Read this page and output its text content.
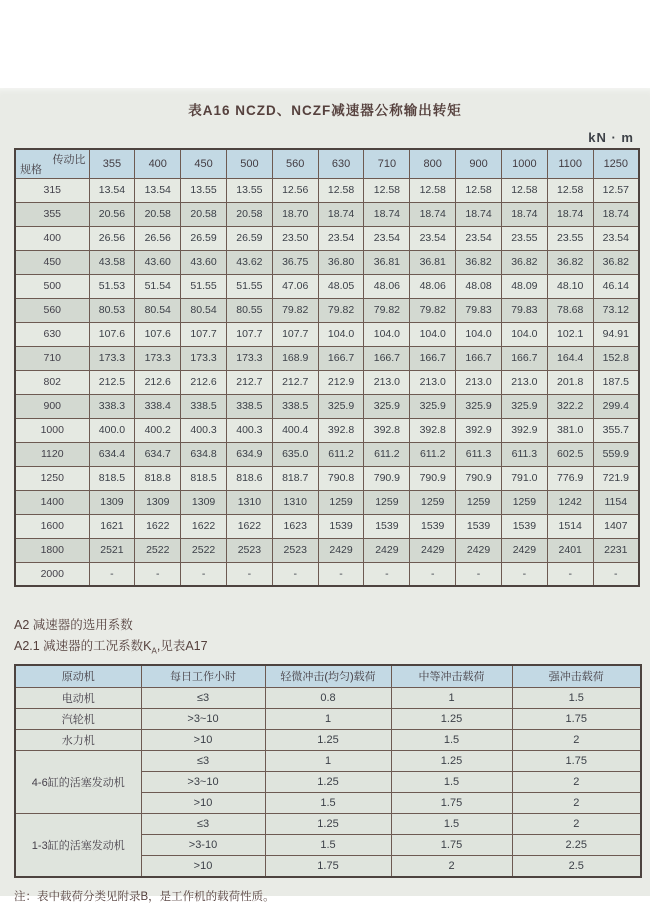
表A16 NCZD、NCZF减速器公称输出转矩
kN · m
传动比
规格	355	400	450	500	560	630	710	800	900	1000	1100	1250
315	13.54	13.54	13.55	13.55	12.56	12.58	12.58	12.58	12.58	12.58	12.58	12.57
355	20.56	20.58	20.58	20.58	18.70	18.74	18.74	18.74	18.74	18.74	18.74	18.74
400	26.56	26.56	26.59	26.59	23.50	23.54	23.54	23.54	23.54	23.55	23.55	23.54
450	43.58	43.60	43.60	43.62	36.75	36.80	36.81	36.81	36.82	36.82	36.82	36.82
500	51.53	51.54	51.55	51.55	47.06	48.05	48.06	48.06	48.08	48.09	48.10	46.14
560	80.53	80.54	80.54	80.55	79.82	79.82	79.82	79.82	79.83	79.83	78.68	73.12
630	107.6	107.6	107.7	107.7	107.7	104.0	104.0	104.0	104.0	104.0	102.1	94.91
710	173.3	173.3	173.3	173.3	168.9	166.7	166.7	166.7	166.7	166.7	164.4	152.8
802	212.5	212.6	212.6	212.7	212.7	212.9	213.0	213.0	213.0	213.0	201.8	187.5
900	338.3	338.4	338.5	338.5	338.5	325.9	325.9	325.9	325.9	325.9	322.2	299.4
1000	400.0	400.2	400.3	400.3	400.4	392.8	392.8	392.8	392.9	392.9	381.0	355.7
1120	634.4	634.7	634.8	634.9	635.0	611.2	611.2	611.2	611.3	611.3	602.5	559.9
1250	818.5	818.8	818.5	818.6	818.7	790.8	790.9	790.9	790.9	791.0	776.9	721.9
1400	1309	1309	1309	1310	1310	1259	1259	1259	1259	1259	1242	1154
1600	1621	1622	1622	1622	1623	1539	1539	1539	1539	1539	1514	1407
1800	2521	2522	2522	2523	2523	2429	2429	2429	2429	2429	2401	2231
2000	-	-	-	-	-	-	-	-	-	-	-	-
A2 减速器的选用系数
A2.1 减速器的工况系数$K_A$,见表A17
原动机	每日工作小时	轻微冲击(均匀)载荷	中等冲击载荷	强冲击载荷
电动机	≤3	0.8	1	1.5
汽轮机	>3~10	1	1.25	1.75
水力机	>10	1.25	1.5	2
4-6缸的活塞发动机	≤3	1	1.25	1.75
	>3~10	1.25	1.5	2
	>10	1.5	1.75	2
1-3缸的活塞发动机	≤3	1.25	1.5	2
	>3-10	1.5	1.75	2.25
	>10	1.75	2	2.5
注：表中载荷分类见附录B，是工作机的载荷性质。
